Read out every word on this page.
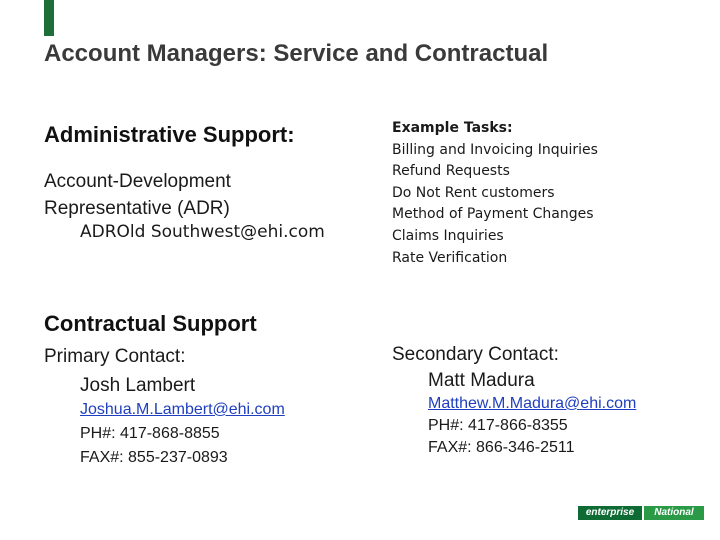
Account Managers: Service and Contractual
Administrative Support:
Account-Development
Representative (ADR)
ADROld Southwest@ehi.com
Example Tasks:
Billing and Invoicing Inquiries
Refund Requests
Do Not Rent customers
Method of Payment Changes
Claims Inquiries
Rate Verification
Contractual Support
Primary Contact:
Josh Lambert
Joshua.M.Lambert@ehi.com
PH#: 417-868-8855
FAX#: 855-237-0893
Secondary Contact:
Matt Madura
Matthew.M.Madura@ehi.com
PH#: 417-866-8355
FAX#: 866-346-2511
enterprise	National
